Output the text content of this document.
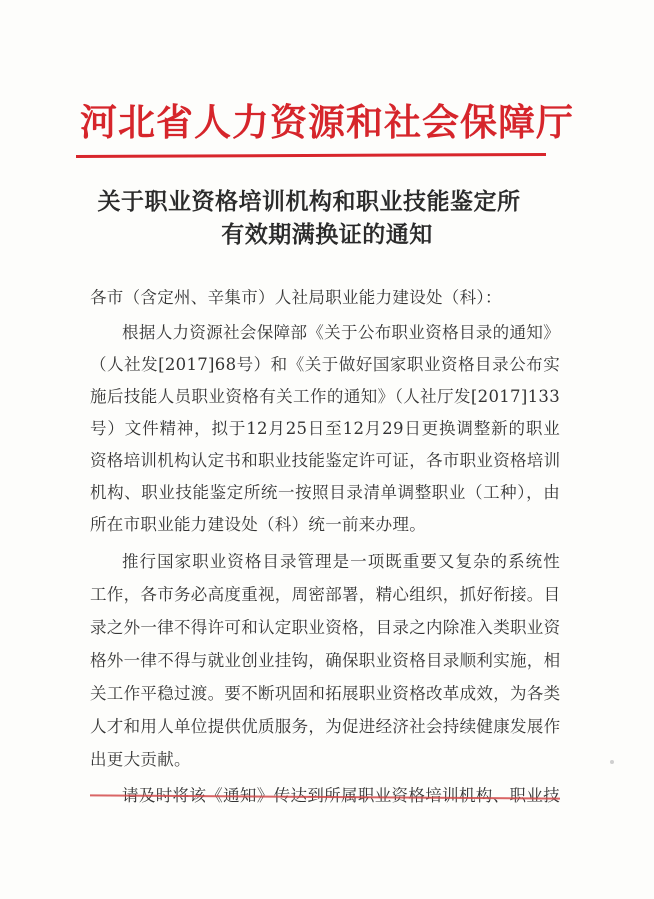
河北省人力资源和社会保障厅
关于职业资格培训机构和职业技能鉴定所
有效期满换证的通知
各市（含定州、辛集市）人社局职业能力建设处（科）：
根据人力资源社会保障部《关于公布职业资格目录的通知》
（人社发[2017]68号）和《关于做好国家职业资格目录公布实
施后技能人员职业资格有关工作的通知》（人社厅发[2017]133
号）文件精神，拟于12月25日至12月29日更换调整新的职业
资格培训机构认定书和职业技能鉴定许可证，各市职业资格培训
机构、职业技能鉴定所统一按照目录清单调整职业（工种），由
所在市职业能力建设处（科）统一前来办理。
推行国家职业资格目录管理是一项既重要又复杂的系统性
工作，各市务必高度重视，周密部署，精心组织，抓好衔接。目
录之外一律不得许可和认定职业资格，目录之内除准入类职业资
格外一律不得与就业创业挂钩，确保职业资格目录顺利实施，相
关工作平稳过渡。要不断巩固和拓展职业资格改革成效，为各类
人才和用人单位提供优质服务，为促进经济社会持续健康发展作
出更大贡献。
请及时将该《通知》传达到所属职业资格培训机构、职业技
